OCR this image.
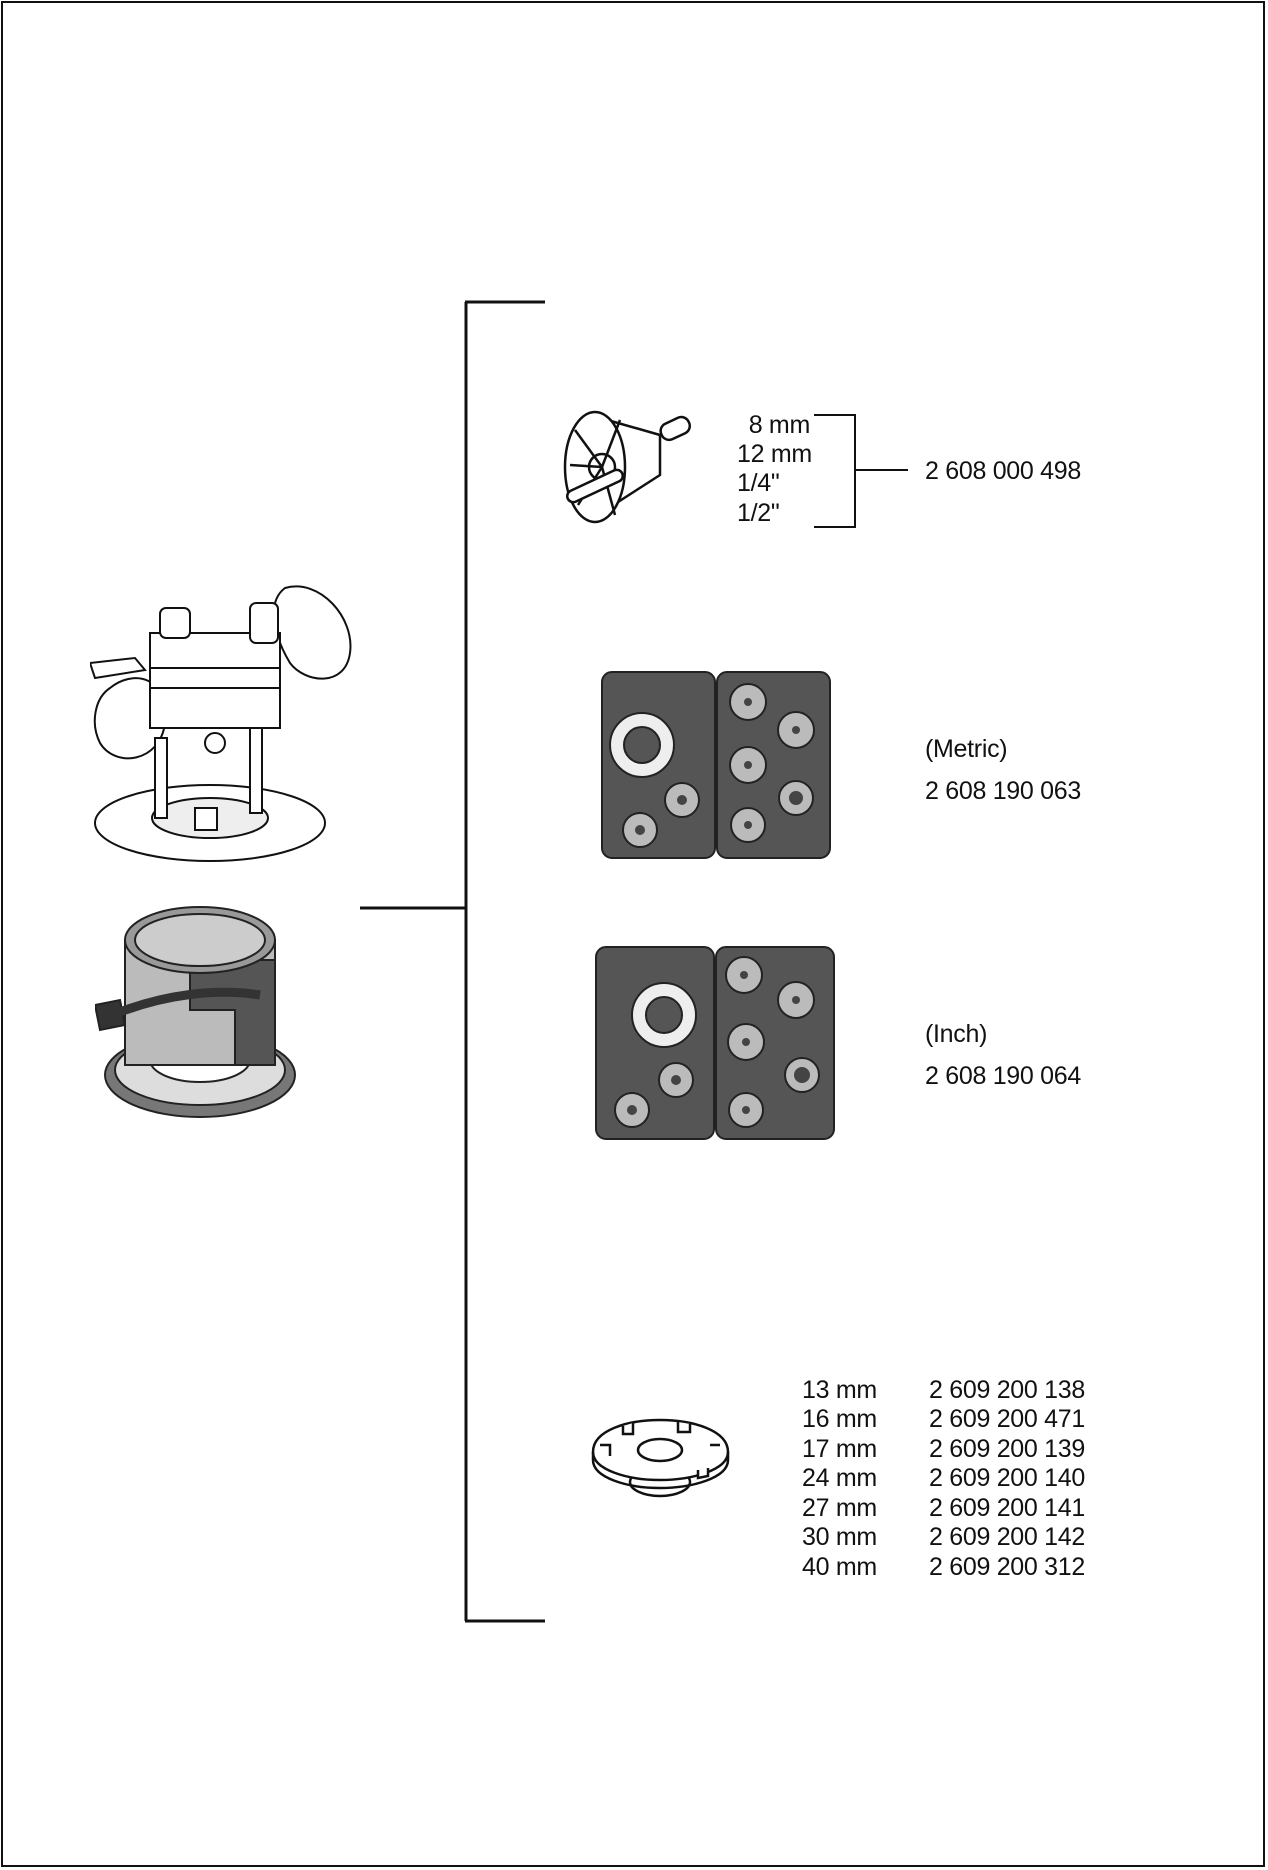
8 mm
12 mm
1/4"
1/2"
2 608 000 498
(Metric)
2 608 190 063
(Inch)
2 608 190 064
13 mm 2 609 200 138
16 mm 2 609 200 471
17 mm 2 609 200 139
24 mm 2 609 200 140
27 mm 2 609 200 141
30 mm 2 609 200 142
40 mm 2 609 200 312
